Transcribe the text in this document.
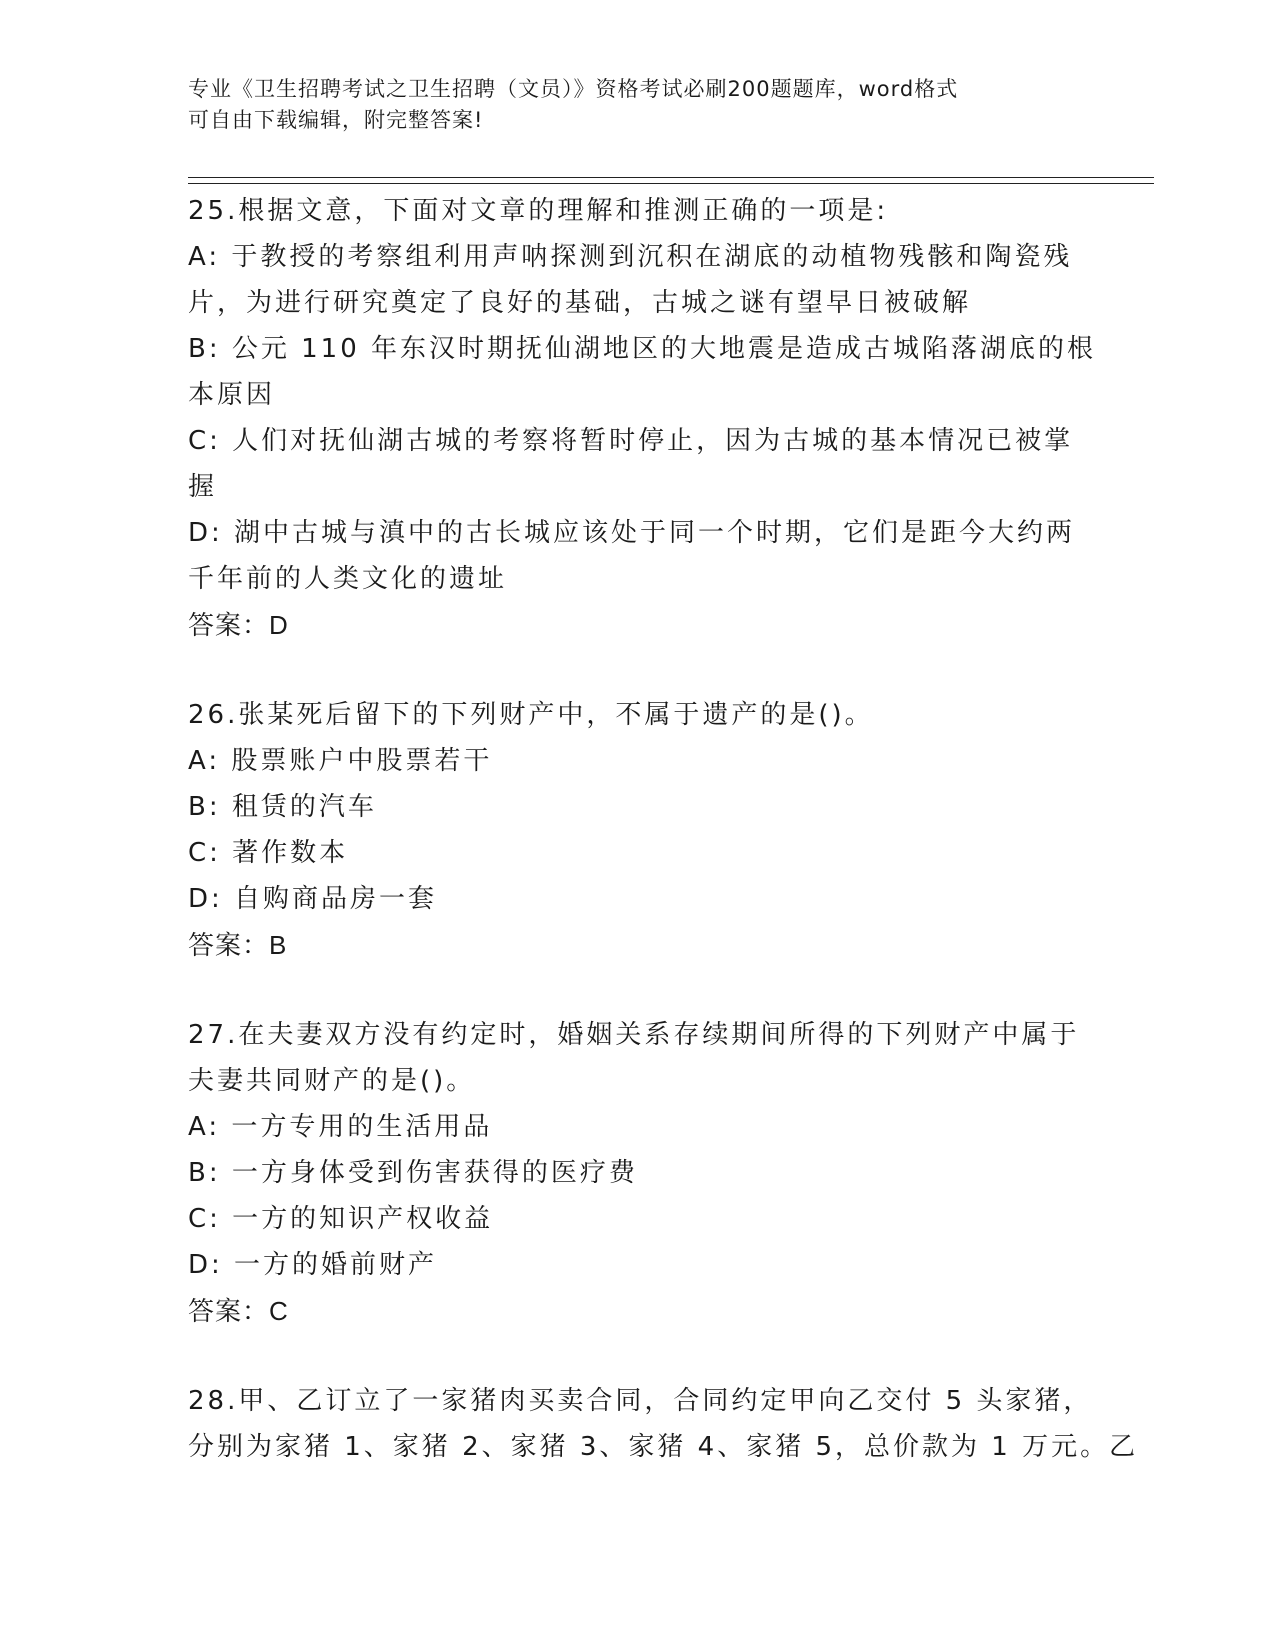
专业《卫生招聘考试之卫生招聘（文员）》资格考试必刷200题题库，word格式
可自由下载编辑，附完整答案!
25.根据文意，下面对文章的理解和推测正确的一项是:
A: 于教授的考察组利用声呐探测到沉积在湖底的动植物残骸和陶瓷残
片，为进行研究奠定了良好的基础，古城之谜有望早日被破解
B: 公元 110 年东汉时期抚仙湖地区的大地震是造成古城陷落湖底的根
本原因
C: 人们对抚仙湖古城的考察将暂时停止，因为古城的基本情况已被掌
握
D: 湖中古城与滇中的古长城应该处于同一个时期，它们是距今大约两
千年前的人类文化的遗址
答案：D
26.张某死后留下的下列财产中，不属于遗产的是()。
A: 股票账户中股票若干
B: 租赁的汽车
C: 著作数本
D: 自购商品房一套
答案：B
27.在夫妻双方没有约定时，婚姻关系存续期间所得的下列财产中属于
夫妻共同财产的是()。
A: 一方专用的生活用品
B: 一方身体受到伤害获得的医疗费
C: 一方的知识产权收益
D: 一方的婚前财产
答案：C
28.甲、乙订立了一家猪肉买卖合同，合同约定甲向乙交付 5 头家猪，
分别为家猪 1、家猪 2、家猪 3、家猪 4、家猪 5，总价款为 1 万元。乙
